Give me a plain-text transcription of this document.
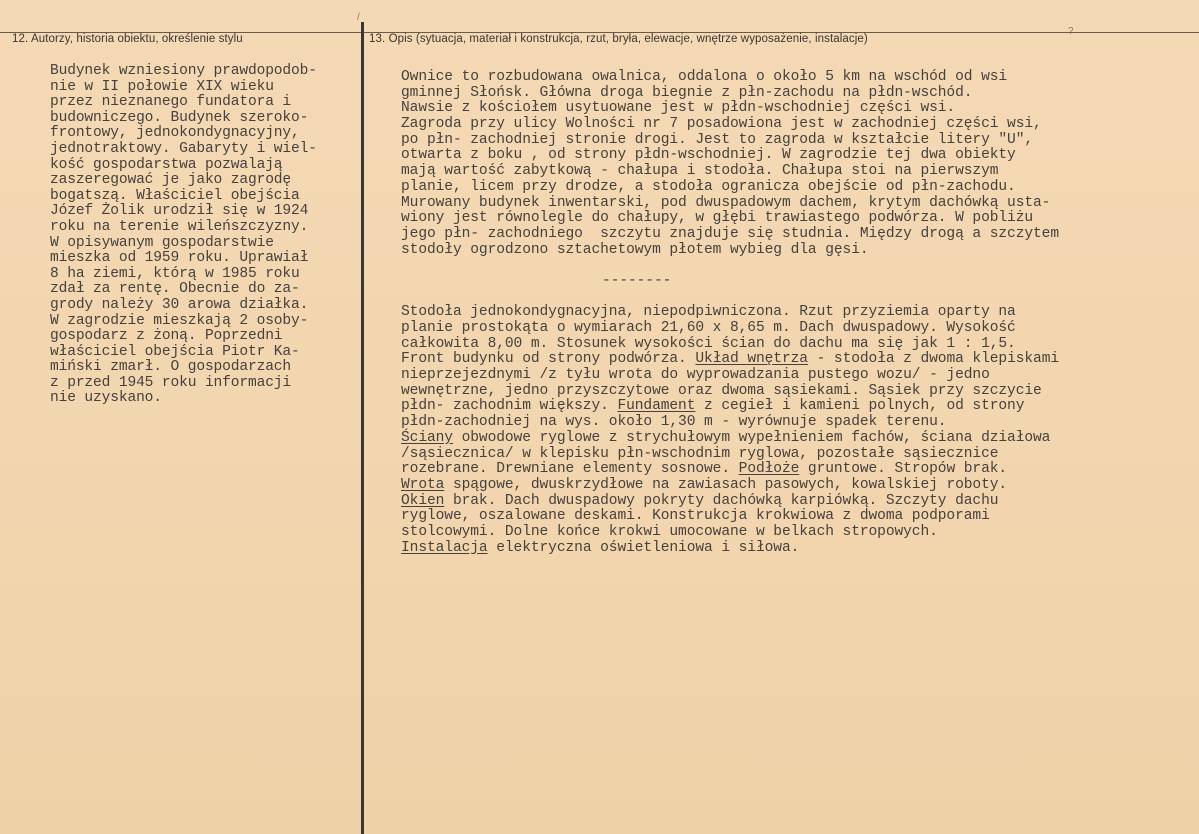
12. Autorzy, historia obiektu, określenie stylu	13. Opis (sytuacja, materiał i konstrukcja, rzut, bryła, elewacje, wnętrze wyposażenie, instalacje)
/
?
Budynek wzniesiony prawdopodob-
nie w II połowie XIX wieku
przez nieznanego fundatora i
budowniczego. Budynek szeroko-
frontowy, jednokondygnacyjny,
jednotraktowy. Gabaryty i wiel-
kość gospodarstwa pozwalają
zaszeregować je jako zagrodę
bogatszą. Właściciel obejścia
Józef Żolik urodził się w 1924
roku na terenie wileńszczyzny.
W opisywanym gospodarstwie
mieszka od 1959 roku. Uprawiał
8 ha ziemi, którą w 1985 roku
zdał za rentę. Obecnie do za-
grody należy 30 arowa działka.
W zagrodzie mieszkają 2 osoby-
gospodarz z żoną. Poprzedni
właściciel obejścia Piotr Ka-
miński zmarł. O gospodarzach
z przed 1945 roku informacji
nie uzyskano.
Ownice to rozbudowana owalnica, oddalona o około 5 km na wschód od wsi
gminnej Słońsk. Główna droga biegnie z płn-zachodu na płdn-wschód.
Nawsie z kościołem usytuowane jest w płdn-wschodniej części wsi.
Zagroda przy ulicy Wolności nr 7 posadowiona jest w zachodniej części wsi,
po płn- zachodniej stronie drogi. Jest to zagroda w kształcie litery "U",
otwarta z boku , od strony płdn-wschodniej. W zagrodzie tej dwa obiekty
mają wartość zabytkową - chałupa i stodoła. Chałupa stoi na pierwszym
planie, licem przy drodze, a stodoła ogranicza obejście od płn-zachodu.
Murowany budynek inwentarski, pod dwuspadowym dachem, krytym dachówką usta-
wiony jest równolegle do chałupy, w głębi trawiastego podwórza. W pobliżu
jego płn- zachodniego  szczytu znajduje się studnia. Między drogą a szczytem
stodoły ogrodzono sztachetowym płotem wybieg dla gęsi.
--------
Stodoła jednokondygnacyjna, niepodpiwniczona. Rzut przyziemia oparty na
planie prostokąta o wymiarach 21,60 x 8,65 m. Dach dwuspadowy. Wysokość
całkowita 8,00 m. Stosunek wysokości ścian do dachu ma się jak 1 : 1,5.
Front budynku od strony podwórza. Układ wnętrza - stodoła z dwoma klepiskami
nieprzejezdnymi /z tyłu wrota do wyprowadzania pustego wozu/ - jedno
wewnętrzne, jedno przyszczytowe oraz dwoma sąsiekami. Sąsiek przy szczycie
płdn- zachodnim większy. Fundament z cegieł i kamieni polnych, od strony
płdn-zachodniej na wys. około 1,30 m - wyrównuje spadek terenu.
Ściany obwodowe ryglowe z strychułowym wypełnieniem fachów, ściana działowa
/sąsiecznica/ w klepisku płn-wschodnim ryglowa, pozostałe sąsiecznice
rozebrane. Drewniane elementy sosnowe. Podłoże gruntowe. Stropów brak.
Wrota spągowe, dwuskrzydłowe na zawiasach pasowych, kowalskiej roboty.
Okien brak. Dach dwuspadowy pokryty dachówką karpiówką. Szczyty dachu
ryglowe, oszalowane deskami. Konstrukcja krokwiowa z dwoma podporami
stolcowymi. Dolne końce krokwi umocowane w belkach stropowych.
Instalacja elektryczna oświetleniowa i siłowa.
